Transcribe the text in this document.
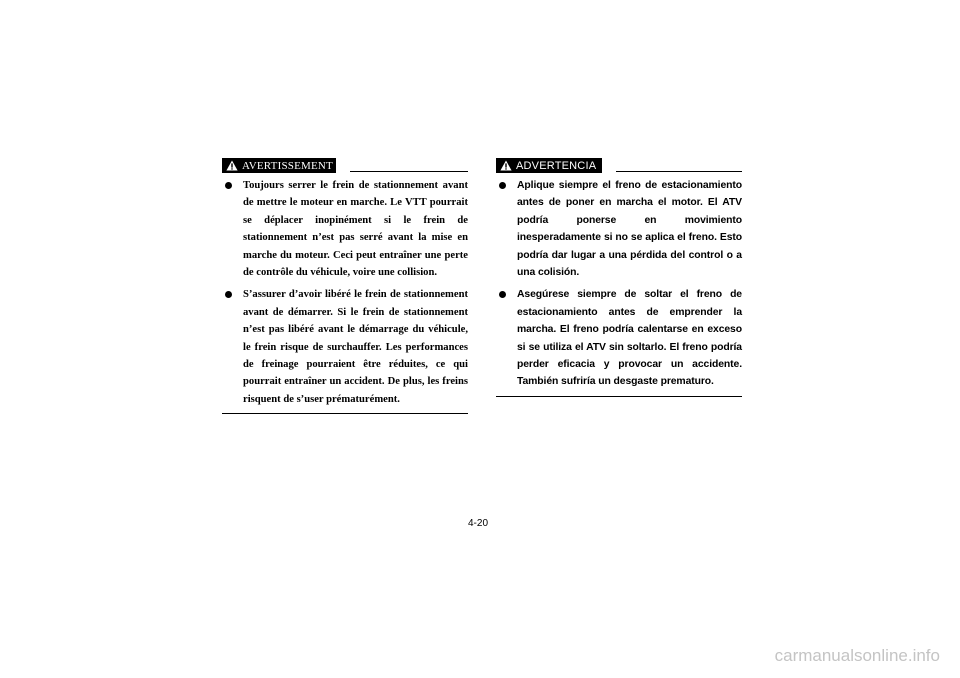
AVERTISSEMENT
Toujours serrer le frein de stationnement avant de mettre le moteur en marche. Le VTT pourrait se déplacer inopinément si le frein de stationnement n’est pas serré avant la mise en marche du moteur. Ceci peut entraîner une perte de contrôle du véhicule, voire une collision.
S’assurer d’avoir libéré le frein de stationnement avant de démarrer. Si le frein de stationnement n’est pas libéré avant le démarrage du véhicule, le frein risque de surchauffer. Les performances de freinage pourraient être réduites, ce qui pourrait entraîner un accident. De plus, les freins risquent de s’user prématurément.
ADVERTENCIA
Aplique siempre el freno de estacionamiento antes de poner en marcha el motor. El ATV podría ponerse en movimiento inesperadamente si no se aplica el freno. Esto podría dar lugar a una pérdida del control o a una colisión.
Asegúrese siempre de soltar el freno de estacionamiento antes de emprender la marcha. El freno podría calentarse en exceso si se utiliza el ATV sin soltarlo. El freno podría perder eficacia y provocar un accidente. También sufriría un desgaste prematuro.
4-20
carmanualsonline.info
